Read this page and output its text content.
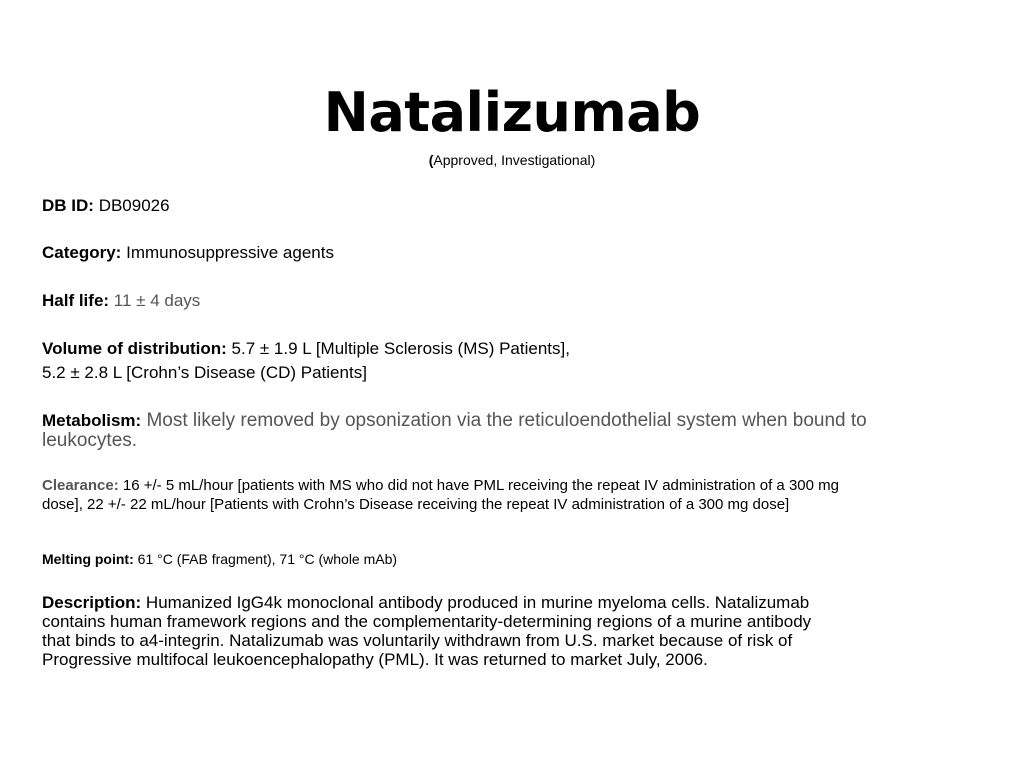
Natalizumab
(Approved, Investigational)
DB ID: DB09026
Category: Immunosuppressive agents
Half life: 11 ± 4 days
Volume of distribution: 5.7 ± 1.9 L [Multiple Sclerosis (MS) Patients],
5.2 ± 2.8 L [Crohn’s Disease (CD) Patients]
Metabolism: Most likely removed by opsonization via the reticuloendothelial system when bound to leukocytes.
Clearance: 16 +/- 5 mL/hour [patients with MS who did not have PML receiving the repeat IV administration of a 300 mg dose], 22 +/- 22 mL/hour [Patients with Crohn’s Disease receiving the repeat IV administration of a 300 mg dose]
Melting point: 61 °C (FAB fragment), 71 °C (whole mAb)
Description: Humanized IgG4k monoclonal antibody produced in murine myeloma cells. Natalizumab contains human framework regions and the complementarity-determining regions of a murine antibody that binds to a4-integrin. Natalizumab was voluntarily withdrawn from U.S. market because of risk of Progressive multifocal leukoencephalopathy (PML). It was returned to market July, 2006.
